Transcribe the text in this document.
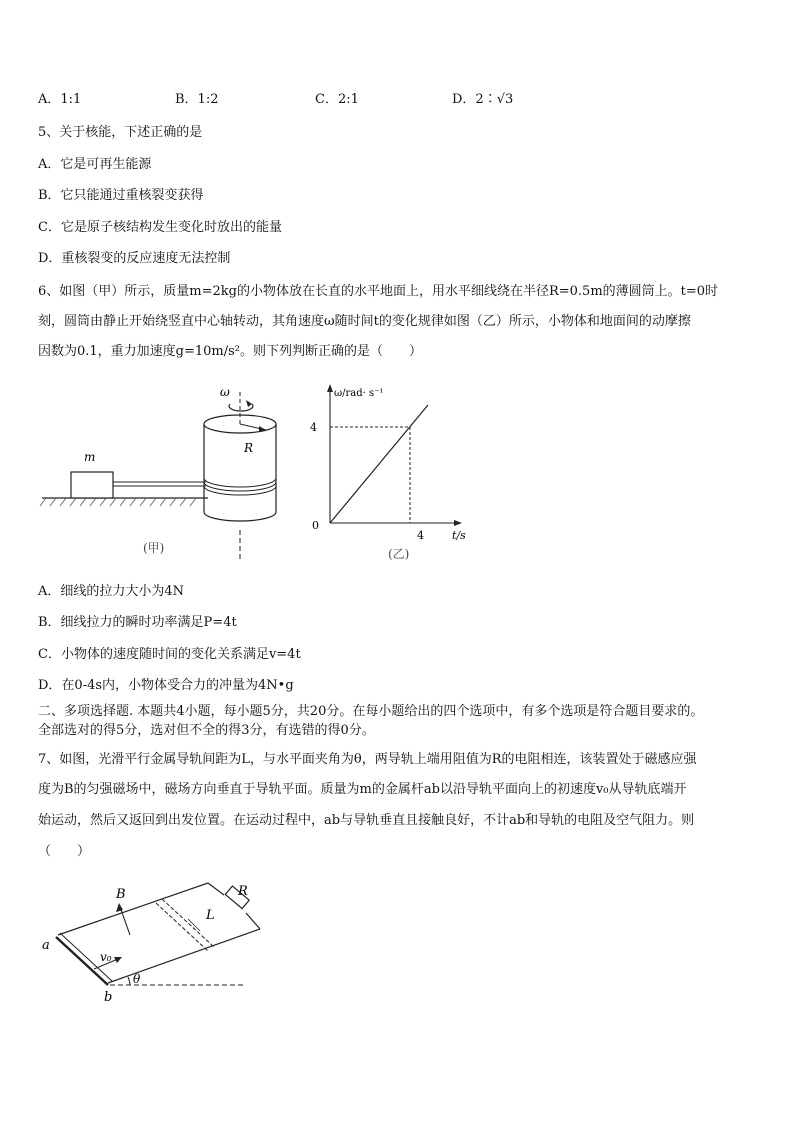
A．1:1	B．1:2	C．2:1	D．2∶√3
5、关于核能，下述正确的是
A．它是可再生能源
B．它只能通过重核裂变获得
C．它是原子核结构发生变化时放出的能量
D．重核裂变的反应速度无法控制
6、如图（甲）所示，质量m=2kg的小物体放在长直的水平地面上，用水平细线绕在半径R=0.5m的薄圆筒上。t=0时
刻，圆筒由静止开始绕竖直中心轴转动，其角速度ω随时间t的变化规律如图（乙）所示，小物体和地面间的动摩擦
因数为0.1，重力加速度g=10m/s²。则下列判断正确的是（　　）
m
ω
R
(甲)
ω/rad· s⁻¹
4
0
4	t/s
(乙)
A．细线的拉力大小为4N
B．细线拉力的瞬时功率满足P=4t
C．小物体的速度随时间的变化关系满足v=4t
D．在0-4s内，小物体受合力的冲量为4N•g
二、多项选择题. 本题共4小题，每小题5分，共20分。在每小题给出的四个选项中，有多个选项是符合题目要求的。
全部选对的得5分，选对但不全的得3分，有选错的得0分。
7、如图，光滑平行金属导轨间距为L，与水平面夹角为θ，两导轨上端用阻值为R的电阻相连，该装置处于磁感应强
度为B的匀强磁场中，磁场方向垂直于导轨平面。质量为m的金属杆ab以沿导轨平面向上的初速度v₀从导轨底端开
始运动，然后又返回到出发位置。在运动过程中，ab与导轨垂直且接触良好，不计ab和导轨的电阻及空气阻力。则
（　　）
R
a
b
v₀
B
L
θ
